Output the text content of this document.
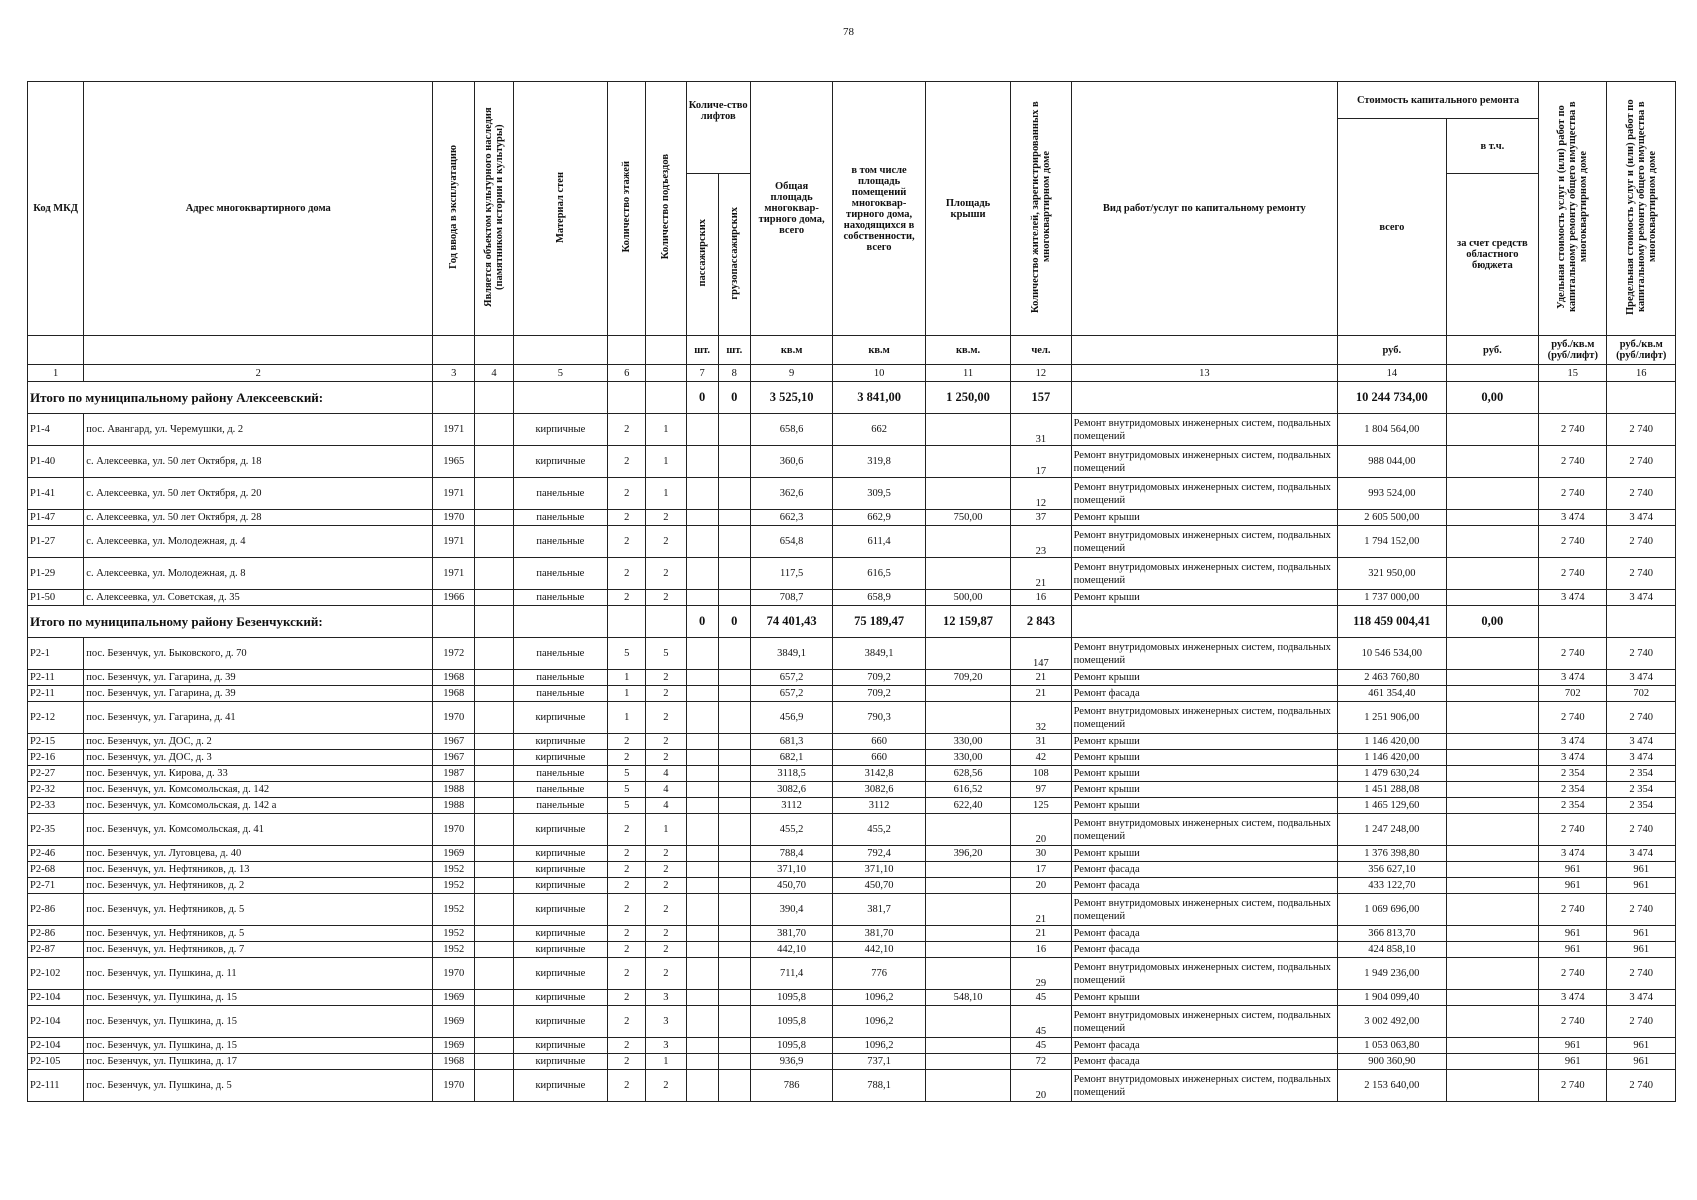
78
Код МКД	Адрес многоквартирного дома	Год ввода в эксплуатацию	Является объектом культурного наследия (памятником истории и культуры)	Материал стен	Количество этажей	Количество подъездов	Количе-ство лифтов		Общая площадь многоквар-тирного дома, всего	в том числе площадь помещений многоквар-тирного дома, находящихся в собственности, всего	Площадь крыши	Количество жителей, зарегистрированных в многоквартирном доме	Вид работ/услуг по капитальному ремонту	Стоимость капитального ремонта		Удельная стоимость услуг и (или) работ по капитальному ремонту общего имущества в многоквартирном доме	Предельная стоимость услуг и (или) работ по капитальному ремонту общего имущества в многоквартирном доме
														всего	в т.ч.		
							пассажирских	грузопассажирских							за счет средств областного бюджета		
							шт.	шт.	кв.м	кв.м	кв.м.	чел.		руб.	руб.	руб./кв.м (руб/лифт)	руб./кв.м (руб/лифт)
1	2	3	4	5	6		7	8	9	10	11	12	13	14		15	16
Итого по муниципальному району Алексеевский:							0	0	3 525,10	3 841,00	1 250,00	157		10 244 734,00	0,00		
Р1-4	пос. Авангард, ул. Черемушки, д. 2	1971		кирпичные	2	1			658,6	662		31	Ремонт внутридомовых инженерных систем, подвальных помещений	1 804 564,00		2 740	2 740
Р1-40	с. Алексеевка, ул. 50 лет Октября, д. 18	1965		кирпичные	2	1			360,6	319,8		17	Ремонт внутридомовых инженерных систем, подвальных помещений	988 044,00		2 740	2 740
Р1-41	с. Алексеевка, ул. 50 лет Октября, д. 20	1971		панельные	2	1			362,6	309,5		12	Ремонт внутридомовых инженерных систем, подвальных помещений	993 524,00		2 740	2 740
Р1-47	с. Алексеевка, ул. 50 лет Октября, д. 28	1970		панельные	2	2			662,3	662,9	750,00	37	Ремонт крыши	2 605 500,00		3 474	3 474
Р1-27	с. Алексеевка, ул. Молодежная, д. 4	1971		панельные	2	2			654,8	611,4		23	Ремонт внутридомовых инженерных систем, подвальных помещений	1 794 152,00		2 740	2 740
Р1-29	с. Алексеевка, ул. Молодежная, д. 8	1971		панельные	2	2			117,5	616,5		21	Ремонт внутридомовых инженерных систем, подвальных помещений	321 950,00		2 740	2 740
Р1-50	с. Алексеевка, ул. Советская, д. 35	1966		панельные	2	2			708,7	658,9	500,00	16	Ремонт крыши	1 737 000,00		3 474	3 474
Итого по муниципальному району Безенчукский:							0	0	74 401,43	75 189,47	12 159,87	2 843		118 459 004,41	0,00		
Р2-1	пос. Безенчук, ул. Быковского, д. 70	1972		панельные	5	5			3849,1	3849,1		147	Ремонт внутридомовых инженерных систем, подвальных помещений	10 546 534,00		2 740	2 740
Р2-11	пос. Безенчук, ул. Гагарина, д. 39	1968		панельные	1	2			657,2	709,2	709,20	21	Ремонт крыши	2 463 760,80		3 474	3 474
Р2-11	пос. Безенчук, ул. Гагарина, д. 39	1968		панельные	1	2			657,2	709,2		21	Ремонт фасада	461 354,40		702	702
Р2-12	пос. Безенчук, ул. Гагарина, д. 41	1970		кирпичные	1	2			456,9	790,3		32	Ремонт внутридомовых инженерных систем, подвальных помещений	1 251 906,00		2 740	2 740
Р2-15	пос. Безенчук, ул. ДОС, д. 2	1967		кирпичные	2	2			681,3	660	330,00	31	Ремонт крыши	1 146 420,00		3 474	3 474
Р2-16	пос. Безенчук, ул. ДОС, д. 3	1967		кирпичные	2	2			682,1	660	330,00	42	Ремонт крыши	1 146 420,00		3 474	3 474
Р2-27	пос. Безенчук, ул. Кирова, д. 33	1987		панельные	5	4			3118,5	3142,8	628,56	108	Ремонт крыши	1 479 630,24		2 354	2 354
Р2-32	пос. Безенчук, ул. Комсомольская, д. 142	1988		панельные	5	4			3082,6	3082,6	616,52	97	Ремонт крыши	1 451 288,08		2 354	2 354
Р2-33	пос. Безенчук, ул. Комсомольская, д. 142 а	1988		панельные	5	4			3112	3112	622,40	125	Ремонт крыши	1 465 129,60		2 354	2 354
Р2-35	пос. Безенчук, ул. Комсомольская, д. 41	1970		кирпичные	2	1			455,2	455,2		20	Ремонт внутридомовых инженерных систем, подвальных помещений	1 247 248,00		2 740	2 740
Р2-46	пос. Безенчук, ул. Луговцева, д. 40	1969		кирпичные	2	2			788,4	792,4	396,20	30	Ремонт крыши	1 376 398,80		3 474	3 474
Р2-68	пос. Безенчук, ул. Нефтяников, д. 13	1952		кирпичные	2	2			371,10	371,10		17	Ремонт фасада	356 627,10		961	961
Р2-71	пос. Безенчук, ул. Нефтяников, д. 2	1952		кирпичные	2	2			450,70	450,70		20	Ремонт фасада	433 122,70		961	961
Р2-86	пос. Безенчук, ул. Нефтяников, д. 5	1952		кирпичные	2	2			390,4	381,7		21	Ремонт внутридомовых инженерных систем, подвальных помещений	1 069 696,00		2 740	2 740
Р2-86	пос. Безенчук, ул. Нефтяников, д. 5	1952		кирпичные	2	2			381,70	381,70		21	Ремонт фасада	366 813,70		961	961
Р2-87	пос. Безенчук, ул. Нефтяников, д. 7	1952		кирпичные	2	2			442,10	442,10		16	Ремонт фасада	424 858,10		961	961
Р2-102	пос. Безенчук, ул. Пушкина, д. 11	1970		кирпичные	2	2			711,4	776		29	Ремонт внутридомовых инженерных систем, подвальных помещений	1 949 236,00		2 740	2 740
Р2-104	пос. Безенчук, ул. Пушкина, д. 15	1969		кирпичные	2	3			1095,8	1096,2	548,10	45	Ремонт крыши	1 904 099,40		3 474	3 474
Р2-104	пос. Безенчук, ул. Пушкина, д. 15	1969		кирпичные	2	3			1095,8	1096,2		45	Ремонт внутридомовых инженерных систем, подвальных помещений	3 002 492,00		2 740	2 740
Р2-104	пос. Безенчук, ул. Пушкина, д. 15	1969		кирпичные	2	3			1095,8	1096,2		45	Ремонт фасада	1 053 063,80		961	961
Р2-105	пос. Безенчук, ул. Пушкина, д. 17	1968		кирпичные	2	1			936,9	737,1		72	Ремонт фасада	900 360,90		961	961
Р2-111	пос. Безенчук, ул. Пушкина, д. 5	1970		кирпичные	2	2			786	788,1		20	Ремонт внутридомовых инженерных систем, подвальных помещений	2 153 640,00		2 740	2 740
